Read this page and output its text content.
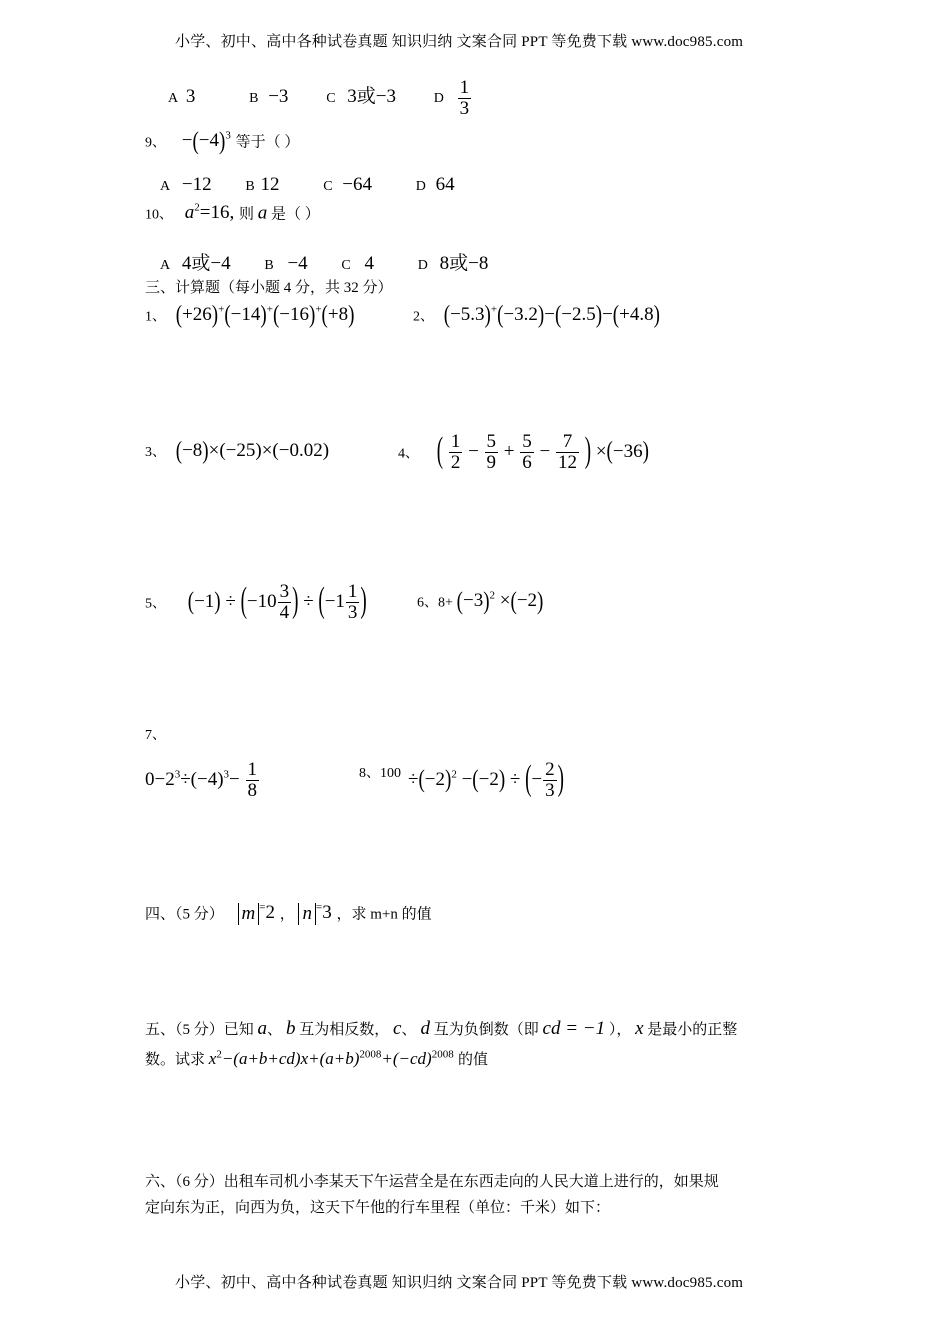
小学、初中、高中各种试卷真题 知识归纳 文案合同 PPT 等免费下载 www.doc985.com
A 3	B −3	C 3或−3	D $\frac{1}{3}$
9、 $-(-4)^3$ 等于（ ）
A −12 B 12	C −64	D 64
10、 $a^2=16$, 则 a 是（ ）
A 4或−4 B −4 C 4	D 8或−8
三、计算题（每小题 4 分，共 32 分）
1、 (+26)+(−14)+(−16)+(+8)	2、 (−5.3)+(−3.2)−(−2.5)−(+4.8)
3、 (−8)×(−25)×(−0.02)	4、 ( $\frac{1}{2} - \frac{5}{9} + \frac{5}{6} - \frac{7}{12}$ ) ×(−36)
5、 $(-1) \div (-10 \frac{3}{4}$ ) ÷ ($-1 \frac{1}{3}$ )	6、$8+ (-3)^2 \times(-2)$
7、
$0-2^3\div(-4)^3- \frac{1}{8}$	8、$100 \div(-2)^2 -(-2)$ ÷ (− $\frac{2}{3}$ )
四、（5 分） m =2 ， n =3 ，求 m+n 的值
五、（5 分）已知 a、 b 互为相反数， c、 d 互为负倒数（即 cd = −1 ）， x 是最小的正整
数。试求 $x^2-(a+b+cd)x+(a+b)^{2008}+(-cd)^{2008}$ 的值
六、（6 分）出租车司机小李某天下午运营全是在东西走向的人民大道上进行的，如果规
定向东为正，向西为负，这天下午他的行车里程（单位：千米）如下：
小学、初中、高中各种试卷真题 知识归纳 文案合同 PPT 等免费下载 www.doc985.com
